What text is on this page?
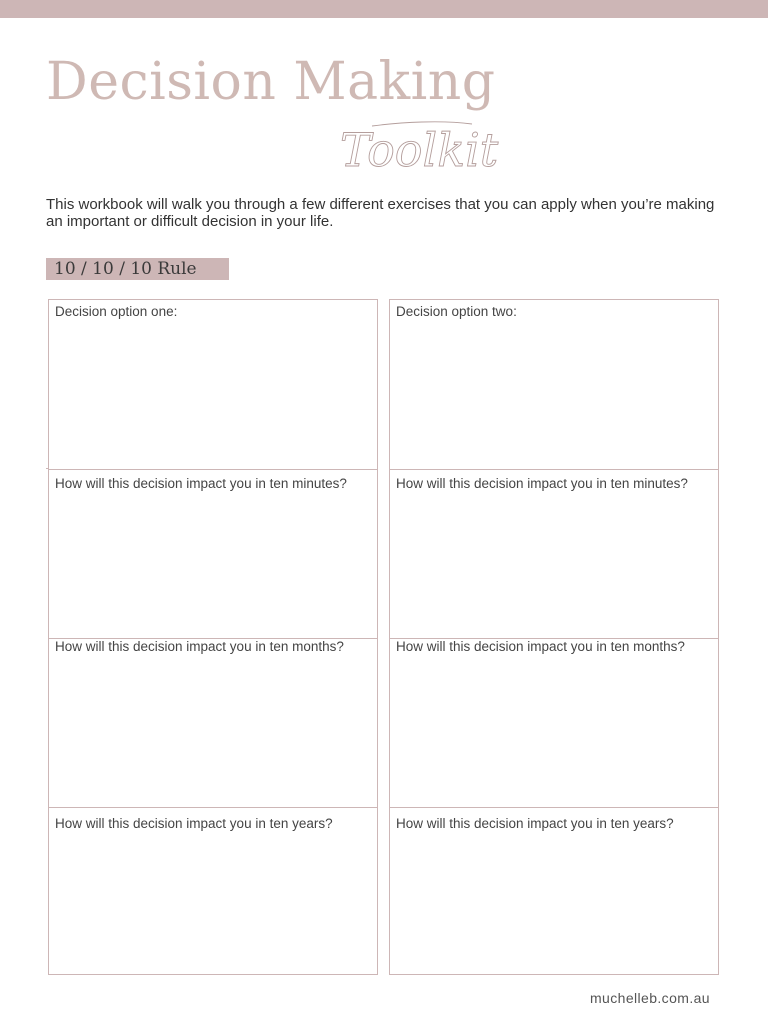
Decision Making
Toolkit

This workbook will walk you through a few different exercises that you can apply when you’re making an important or difficult decision in your life.

10 / 10 / 10 Rule
Decision option one:
How will this decision impact you in ten minutes?
How will this decision impact you in ten months?
How will this decision impact you in ten years?
Decision option two:
How will this decision impact you in ten minutes?
How will this decision impact you in ten months?
How will this decision impact you in ten years?
muchelleb.com.au
